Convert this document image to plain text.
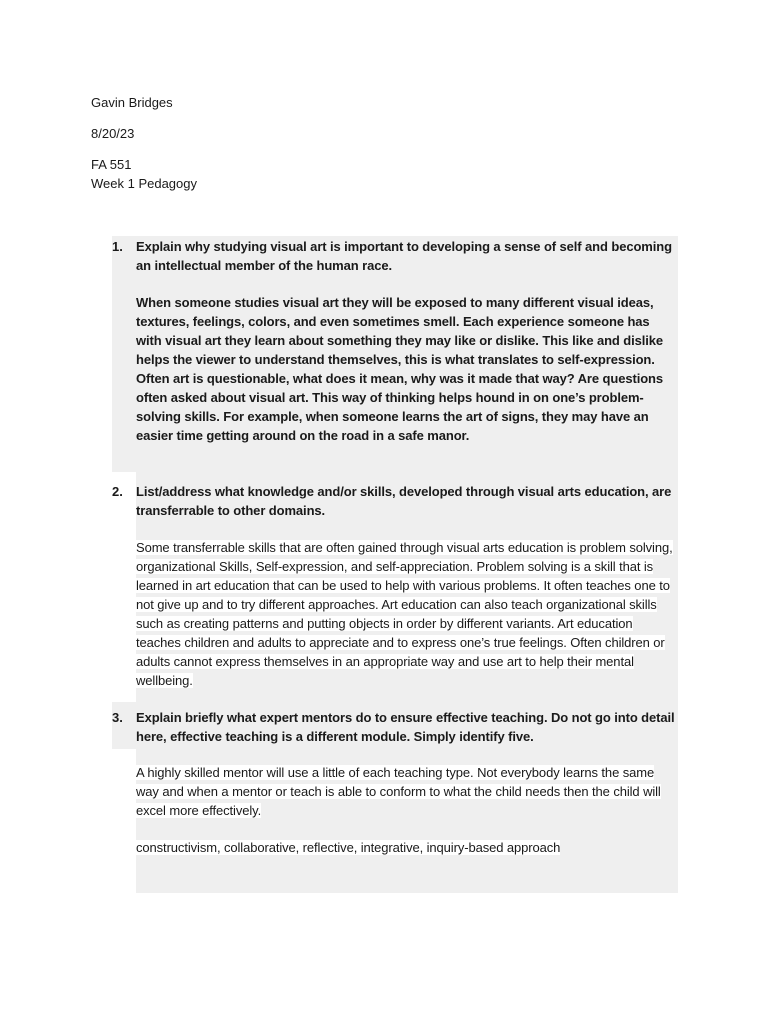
Gavin Bridges
8/20/23
FA 551
Week 1 Pedagogy
1. Explain why studying visual art is important to developing a sense of self and becoming an intellectual member of the human race.
When someone studies visual art they will be exposed to many different visual ideas, textures, feelings, colors, and even sometimes smell. Each experience someone has with visual art they learn about something they may like or dislike. This like and dislike helps the viewer to understand themselves, this is what translates to self-expression. Often art is questionable, what does it mean, why was it made that way? Are questions often asked about visual art. This way of thinking helps hound in on one’s problem-solving skills. For example, when someone learns the art of signs, they may have an easier time getting around on the road in a safe manor.
2. List/address what knowledge and/or skills, developed through visual arts education, are transferrable to other domains.
Some transferrable skills that are often gained through visual arts education is problem solving, organizational Skills, Self-expression, and self-appreciation. Problem solving is a skill that is learned in art education that can be used to help with various problems. It often teaches one to not give up and to try different approaches. Art education can also teach organizational skills such as creating patterns and putting objects in order by different variants. Art education teaches children and adults to appreciate and to express one’s true feelings. Often children or adults cannot express themselves in an appropriate way and use art to help their mental wellbeing.
3. Explain briefly what expert mentors do to ensure effective teaching. Do not go into detail here, effective teaching is a different module. Simply identify five.
A highly skilled mentor will use a little of each teaching type. Not everybody learns the same way and when a mentor or teach is able to conform to what the child needs then the child will excel more effectively.
constructivism, collaborative, reflective, integrative, inquiry-based approach
